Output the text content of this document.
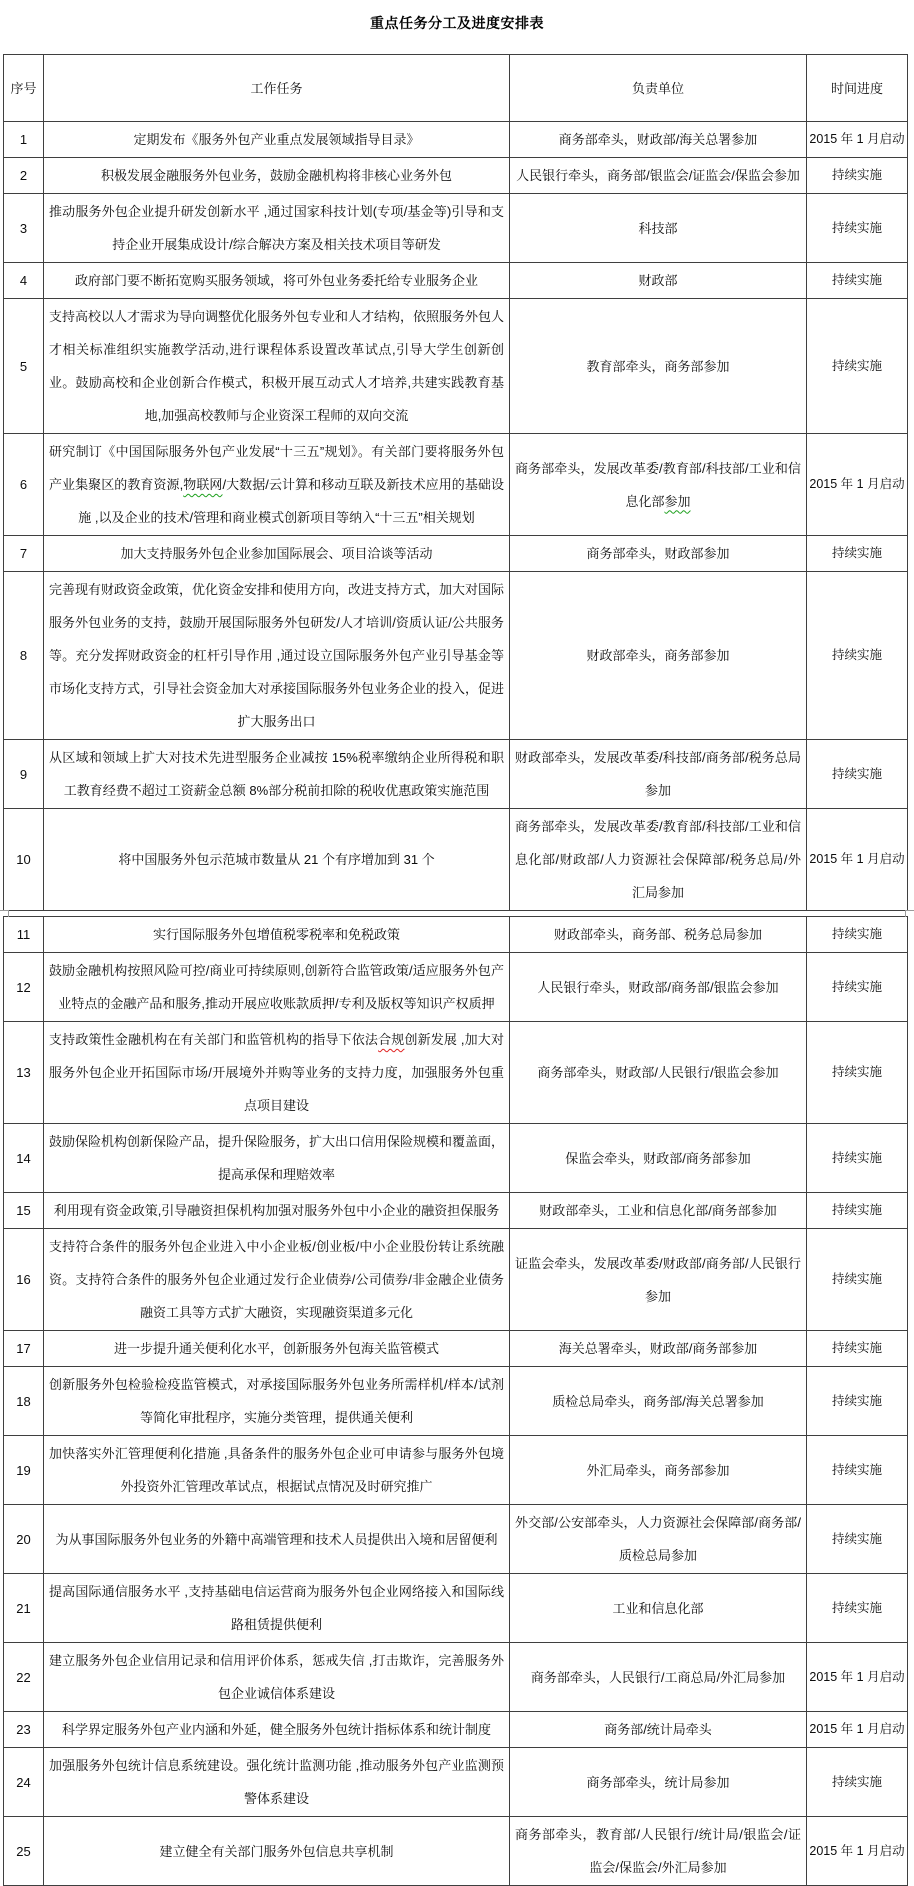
重点任务分工及进度安排表
序号	工作任务	负责单位	时间进度
1	定期发布《服务外包产业重点发展领域指导目录》	商务部牵头，财政部/海关总署参加	2015 年 1 月启动
2	积极发展金融服务外包业务，鼓励金融机构将非核心业务外包	人民银行牵头，商务部/银监会/证监会/保监会参加	持续实施
3	推动服务外包企业提升研发创新水平 ,通过国家科技计划(专项/基金等)引导和支持企业开展集成设计/综合解决方案及相关技术项目等研发	科技部	持续实施
4	政府部门要不断拓宽购买服务领域，将可外包业务委托给专业服务企业	财政部	持续实施
5	支持高校以人才需求为导向调整优化服务外包专业和人才结构，依照服务外包人才相关标准组织实施教学活动,进行课程体系设置改革试点,引导大学生创新创业。鼓励高校和企业创新合作模式，积极开展互动式人才培养,共建实践教育基地,加强高校教师与企业资深工程师的双向交流	教育部牵头，商务部参加	持续实施
6	研究制订《中国国际服务外包产业发展“十三五”规划》。有关部门要将服务外包产业集聚区的教育资源,物联网/大数据/云计算和移动互联及新技术应用的基础设施 ,以及企业的技术/管理和商业模式创新项目等纳入“十三五”相关规划	商务部牵头，发展改革委/教育部/科技部/工业和信息化部参加	2015 年 1 月启动
7	加大支持服务外包企业参加国际展会、项目洽谈等活动	商务部牵头，财政部参加	持续实施
8	完善现有财政资金政策，优化资金安排和使用方向，改进支持方式，加大对国际服务外包业务的支持，鼓励开展国际服务外包研发/人才培训/资质认证/公共服务等。充分发挥财政资金的杠杆引导作用 ,通过设立国际服务外包产业引导基金等市场化支持方式，引导社会资金加大对承接国际服务外包业务企业的投入，促进扩大服务出口	财政部牵头，商务部参加	持续实施
9	从区域和领域上扩大对技术先进型服务企业减按 15%税率缴纳企业所得税和职工教育经费不超过工资薪金总额 8%部分税前扣除的税收优惠政策实施范围	财政部牵头，发展改革委/科技部/商务部/税务总局参加	持续实施
10	将中国服务外包示范城市数量从 21 个有序增加到 31 个	商务部牵头，发展改革委/教育部/科技部/工业和信息化部/财政部/人力资源社会保障部/税务总局/外汇局参加	2015 年 1 月启动
11	实行国际服务外包增值税零税率和免税政策	财政部牵头，商务部、税务总局参加	持续实施
12	鼓励金融机构按照风险可控/商业可持续原则,创新符合监管政策/适应服务外包产业特点的金融产品和服务,推动开展应收账款质押/专利及版权等知识产权质押	人民银行牵头，财政部/商务部/银监会参加	持续实施
13	支持政策性金融机构在有关部门和监管机构的指导下依法合规创新发展 ,加大对服务外包企业开拓国际市场/开展境外并购等业务的支持力度，加强服务外包重点项目建设	商务部牵头，财政部/人民银行/银监会参加	持续实施
14	鼓励保险机构创新保险产品，提升保险服务，扩大出口信用保险规模和覆盖面，提高承保和理赔效率	保监会牵头，财政部/商务部参加	持续实施
15	利用现有资金政策,引导融资担保机构加强对服务外包中小企业的融资担保服务	财政部牵头，工业和信息化部/商务部参加	持续实施
16	支持符合条件的服务外包企业进入中小企业板/创业板/中小企业股份转让系统融资。支持符合条件的服务外包企业通过发行企业债券/公司债券/非金融企业债务融资工具等方式扩大融资，实现融资渠道多元化	证监会牵头，发展改革委/财政部/商务部/人民银行参加	持续实施
17	进一步提升通关便利化水平，创新服务外包海关监管模式	海关总署牵头，财政部/商务部参加	持续实施
18	创新服务外包检验检疫监管模式，对承接国际服务外包业务所需样机/样本/试剂等简化审批程序，实施分类管理，提供通关便利	质检总局牵头，商务部/海关总署参加	持续实施
19	加快落实外汇管理便利化措施 ,具备条件的服务外包企业可申请参与服务外包境外投资外汇管理改革试点，根据试点情况及时研究推广	外汇局牵头，商务部参加	持续实施
20	为从事国际服务外包业务的外籍中高端管理和技术人员提供出入境和居留便利	外交部/公安部牵头，人力资源社会保障部/商务部/质检总局参加	持续实施
21	提高国际通信服务水平 ,支持基础电信运营商为服务外包企业网络接入和国际线路租赁提供便利	工业和信息化部	持续实施
22	建立服务外包企业信用记录和信用评价体系，惩戒失信 ,打击欺诈，完善服务外包企业诚信体系建设	商务部牵头，人民银行/工商总局/外汇局参加	2015 年 1 月启动
23	科学界定服务外包产业内涵和外延，健全服务外包统计指标体系和统计制度	商务部/统计局牵头	2015 年 1 月启动
24	加强服务外包统计信息系统建设。强化统计监测功能 ,推动服务外包产业监测预警体系建设	商务部牵头，统计局参加	持续实施
25	建立健全有关部门服务外包信息共享机制	商务部牵头，教育部/人民银行/统计局/银监会/证监会/保监会/外汇局参加	2015 年 1 月启动
